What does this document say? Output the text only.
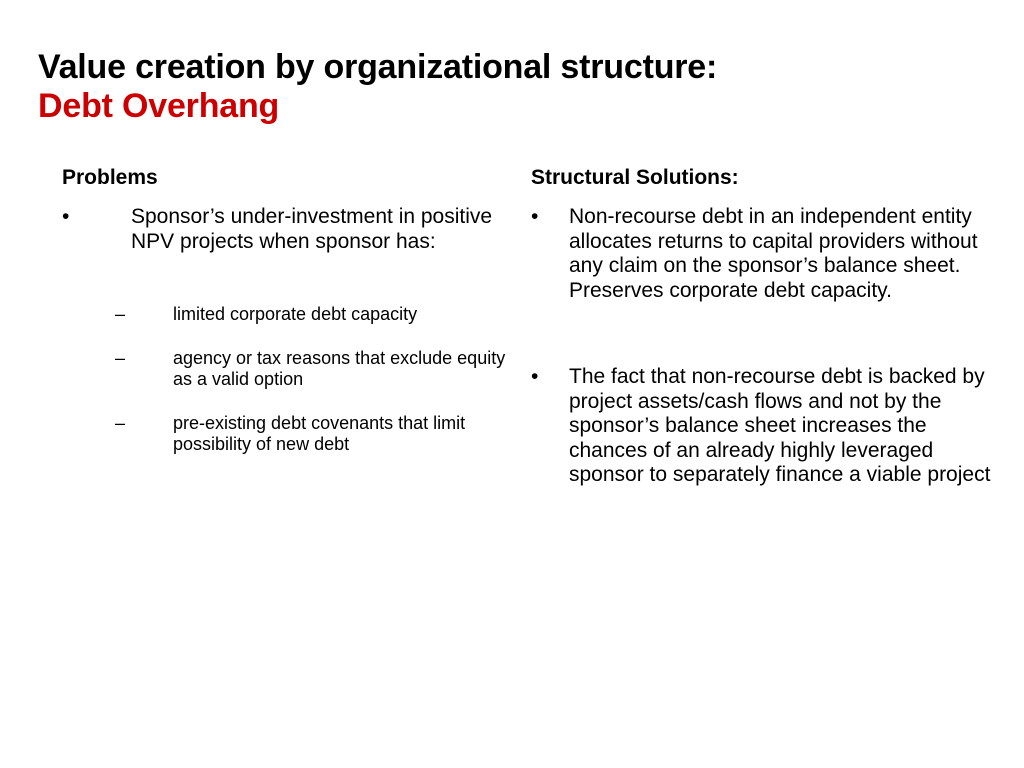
Value creation by organizational structure:
Debt Overhang
Problems
•	Sponsor’s under-investment in positive NPV projects when sponsor has:
–	limited corporate debt capacity
–	agency or tax reasons that exclude equity as a valid option
–	pre-existing debt covenants that limit possibility of new debt
Structural Solutions:
• Non-recourse debt in an independent entity allocates returns to capital providers without any claim on the sponsor’s balance sheet. Preserves corporate debt capacity.
• The fact that non-recourse debt is backed by project assets/cash flows and not by the sponsor’s balance sheet increases the chances of an already highly leveraged sponsor to separately finance a viable project
